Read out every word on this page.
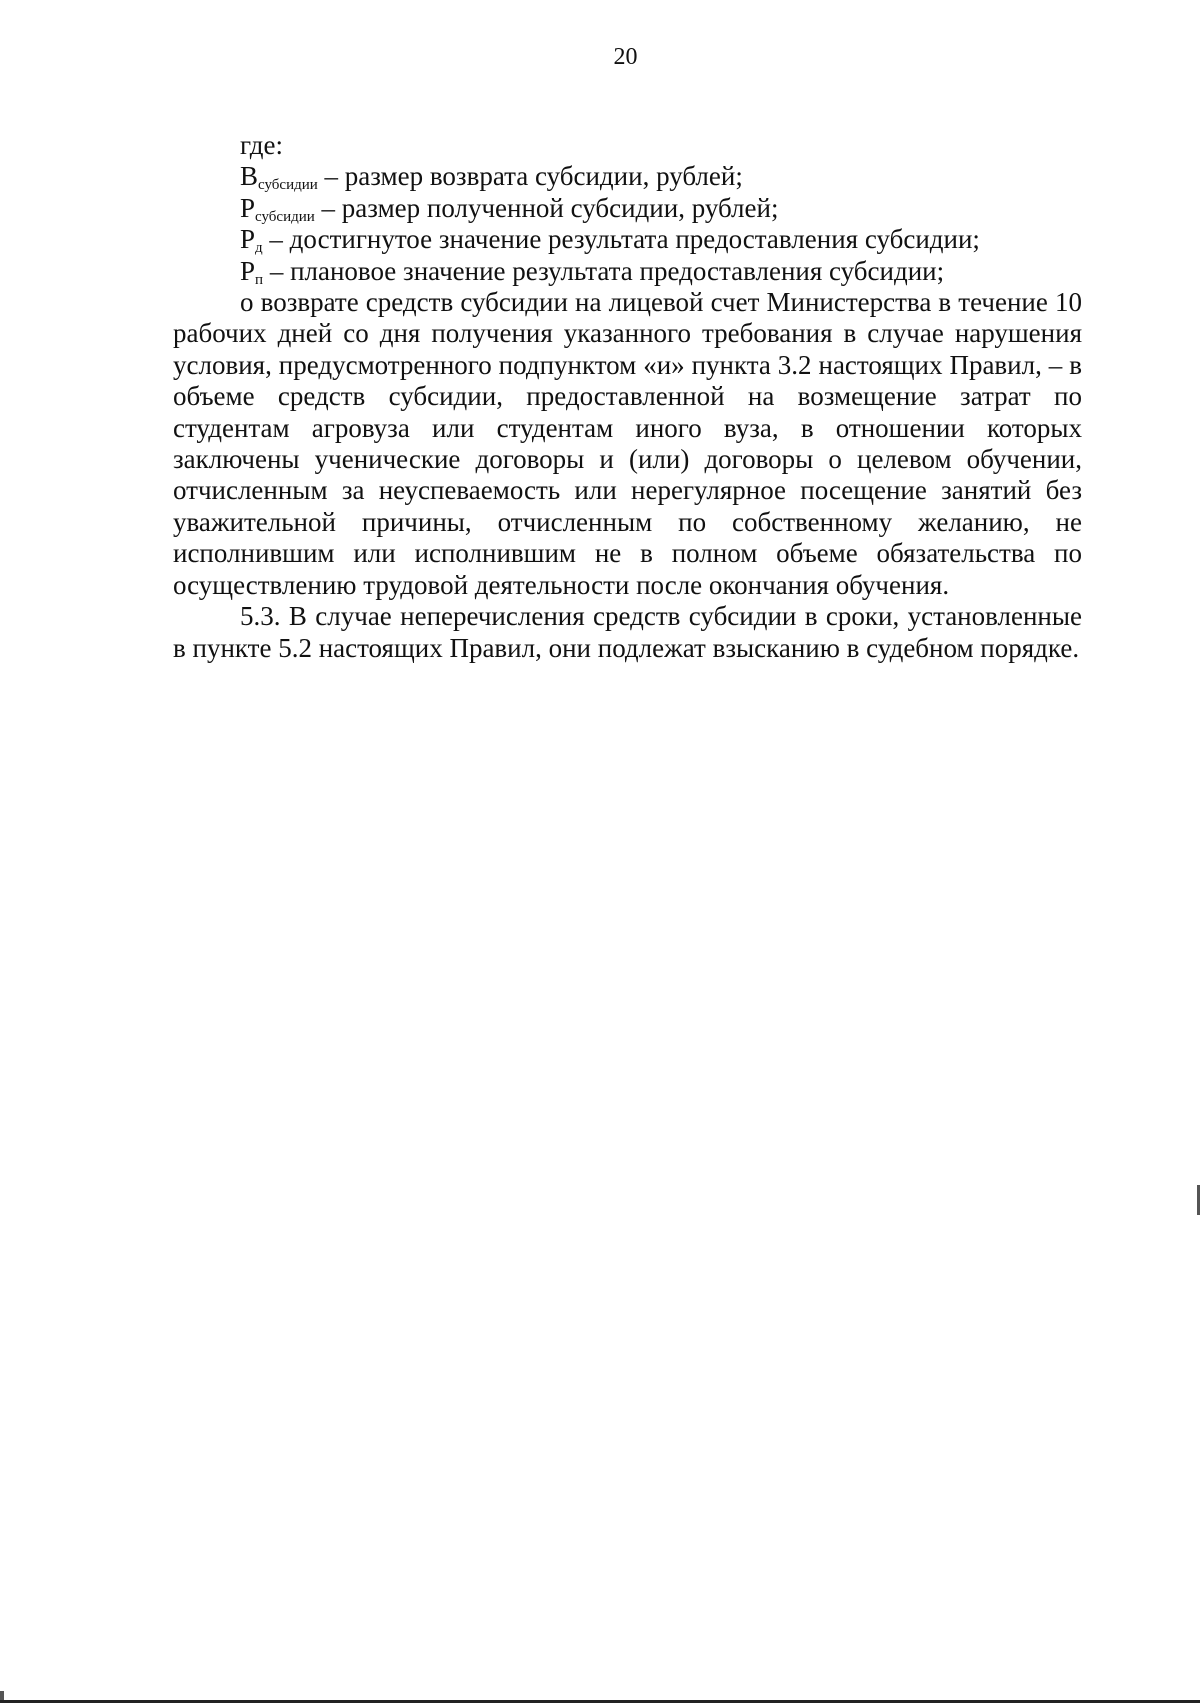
20

где:

$В_{субсидии}$ – размер возврата субсидии, рублей;

$Р_{субсидии}$ – размер полученной субсидии, рублей;

$Р_д$ – достигнутое значение результата предоставления субсидии;

$Р_п$ – плановое значение результата предоставления субсидии;

о возврате средств субсидии на лицевой счет Министерства в течение 10 рабочих дней со дня получения указанного требования в случае нарушения условия, предусмотренного подпунктом «и» пункта 3.2 настоящих Правил, – в объеме средств субсидии, предоставленной на возмещение затрат по студентам агровуза или студентам иного вуза, в отношении которых заключены ученические договоры и (или) договоры о целевом обучении, отчисленным за неуспеваемость или нерегулярное посещение занятий без уважительной причины, отчисленным по собственному желанию, не исполнившим или исполнившим не в полном объеме обязательства по осуществлению трудовой деятельности после окончания обучения.

5.3. В случае неперечисления средств субсидии в сроки, установленные в пункте 5.2 настоящих Правил, они подлежат взысканию в судебном порядке.
